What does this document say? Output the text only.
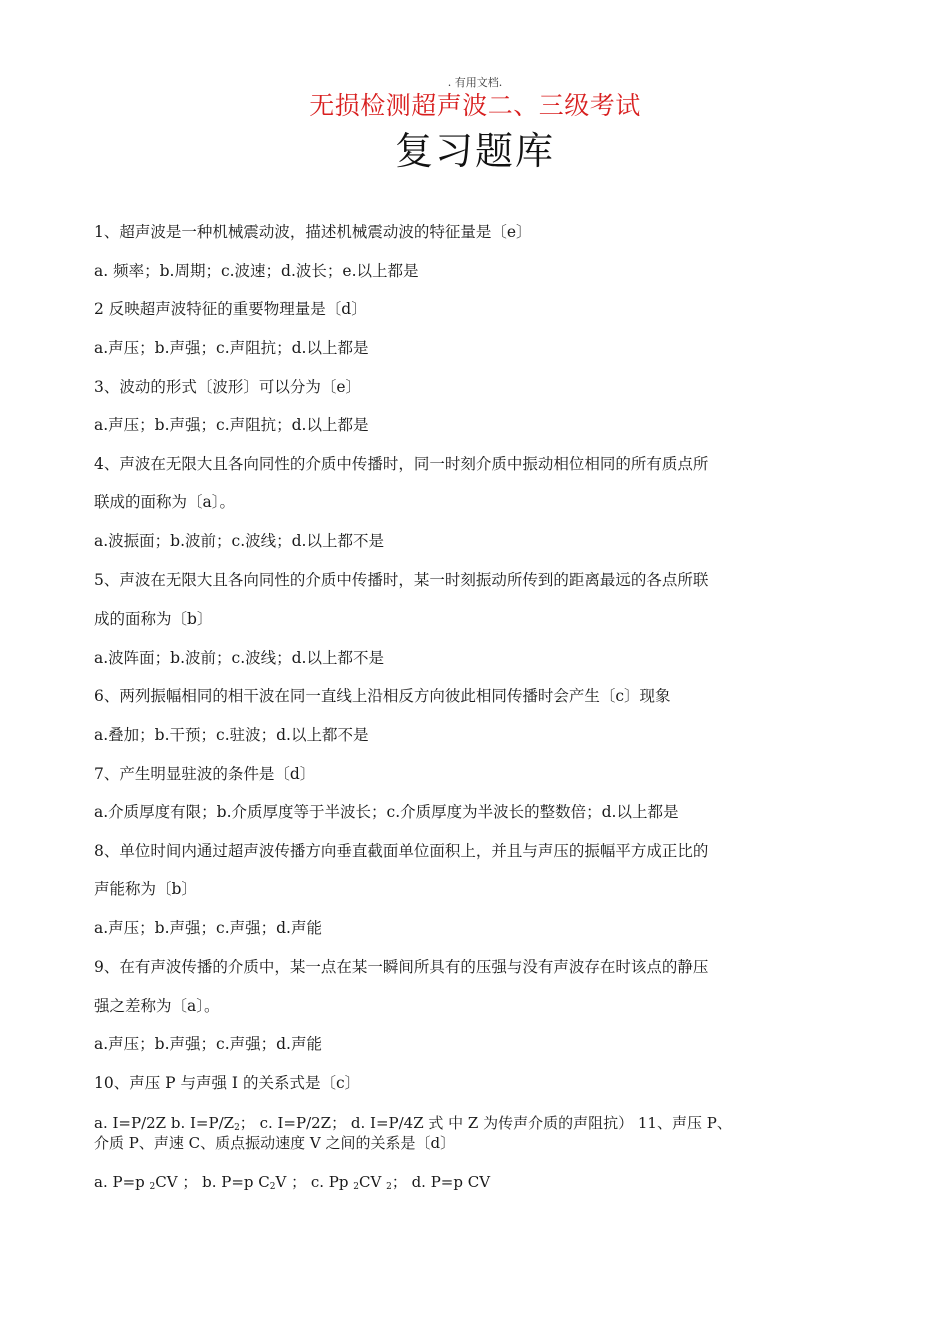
. 有用文档.
无损检测超声波二、三级考试
复习题库
1、超声波是一种机械震动波，描述机械震动波的特征量是〔e〕
a. 频率；b.周期；c.波速；d.波长；e.以上都是
2 反映超声波特征的重要物理量是〔d〕
a.声压；b.声强；c.声阻抗；d.以上都是
3、波动的形式〔波形〕可以分为〔e〕
a.声压；b.声强；c.声阻抗；d.以上都是
4、声波在无限大且各向同性的介质中传播时，同一时刻介质中振动相位相同的所有质点所
联成的面称为〔a〕。
a.波振面；b.波前；c.波线；d.以上都不是
5、声波在无限大且各向同性的介质中传播时，某一时刻振动所传到的距离最远的各点所联
成的面称为〔b〕
a.波阵面；b.波前；c.波线；d.以上都不是
6、两列振幅相同的相干波在同一直线上沿相反方向彼此相同传播时会产生〔c〕现象
a.叠加；b.干预；c.驻波；d.以上都不是
7、产生明显驻波的条件是〔d〕
a.介质厚度有限；b.介质厚度等于半波长；c.介质厚度为半波长的整数倍；d.以上都是
8、单位时间内通过超声波传播方向垂直截面单位面积上，并且与声压的振幅平方成正比的
声能称为〔b〕
a.声压；b.声强；c.声强；d.声能
9、在有声波传播的介质中，某一点在某一瞬间所具有的压强与没有声波存在时该点的静压
强之差称为〔a〕。
a.声压；b.声强；c.声强；d.声能
10、声压 P 与声强 I 的关系式是〔c〕
a. I=P/2Z b. $I=P/Z_2$； c. I=P/2Z； d. I=P/4Z 式 中 Z 为传声介质的声阻抗） 11、声压 P、
介质 P、声速 C、质点振动速度 V 之间的关系是〔d〕
a. P=p $_2$CV ； b. P=p $C_2V$ ； c. Pp $_2$CV $_2$； d. P=p CV
